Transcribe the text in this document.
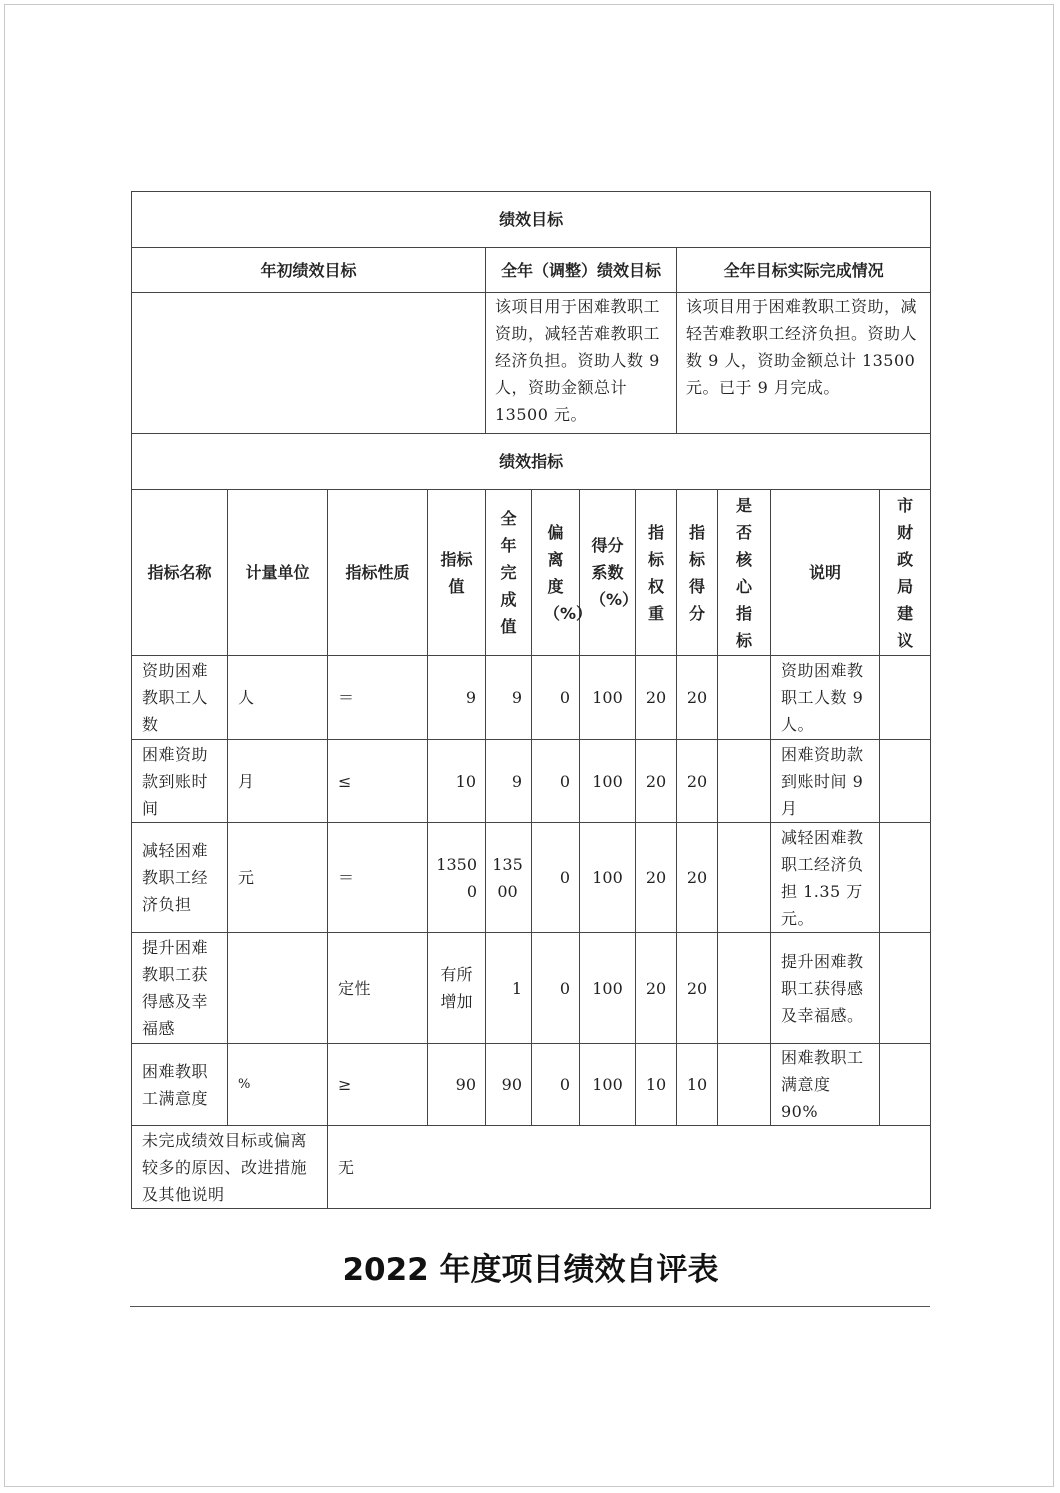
绩效目标											
年初绩效目标				全年（调整）绩效目标				全年目标实际完成情况			
				该项目用于困难教职工资助，减轻苦难教职工经济负担。资助人数 9 人，资助金额总计 13500 元。				该项目用于困难教职工资助，减轻苦难教职工经济负担。资助人数 9 人，资助金额总计 13500 元。已于 9 月完成。			
绩效指标											
指标名称	计量单位	指标性质	指标值	全年完成值	偏离度（%）	得分系数（%）	指标权重	指标得分	是否核心指标	说明	市财政局建议
资助困难教职工人数	人	＝	9	9	0	100	20	20		资助困难教职工人数 9 人。	
困难资助款到账时间	月	≤	10	9	0	100	20	20		困难资助款到账时间 9 月	
减轻困难教职工经济负担	元	＝	13500	13500	0	100	20	20		减轻困难教职工经济负担 1.35 万元。	
提升困难教职工获得感及幸福感		定性	有所增加	1	0	100	20	20		提升困难教职工获得感及幸福感。	
困难教职工满意度	%	≥	90	90	0	100	10	10		困难教职工满意度 90%	
未完成绩效目标或偏离较多的原因、改进措施及其他说明		无									
2022 年度项目绩效自评表
